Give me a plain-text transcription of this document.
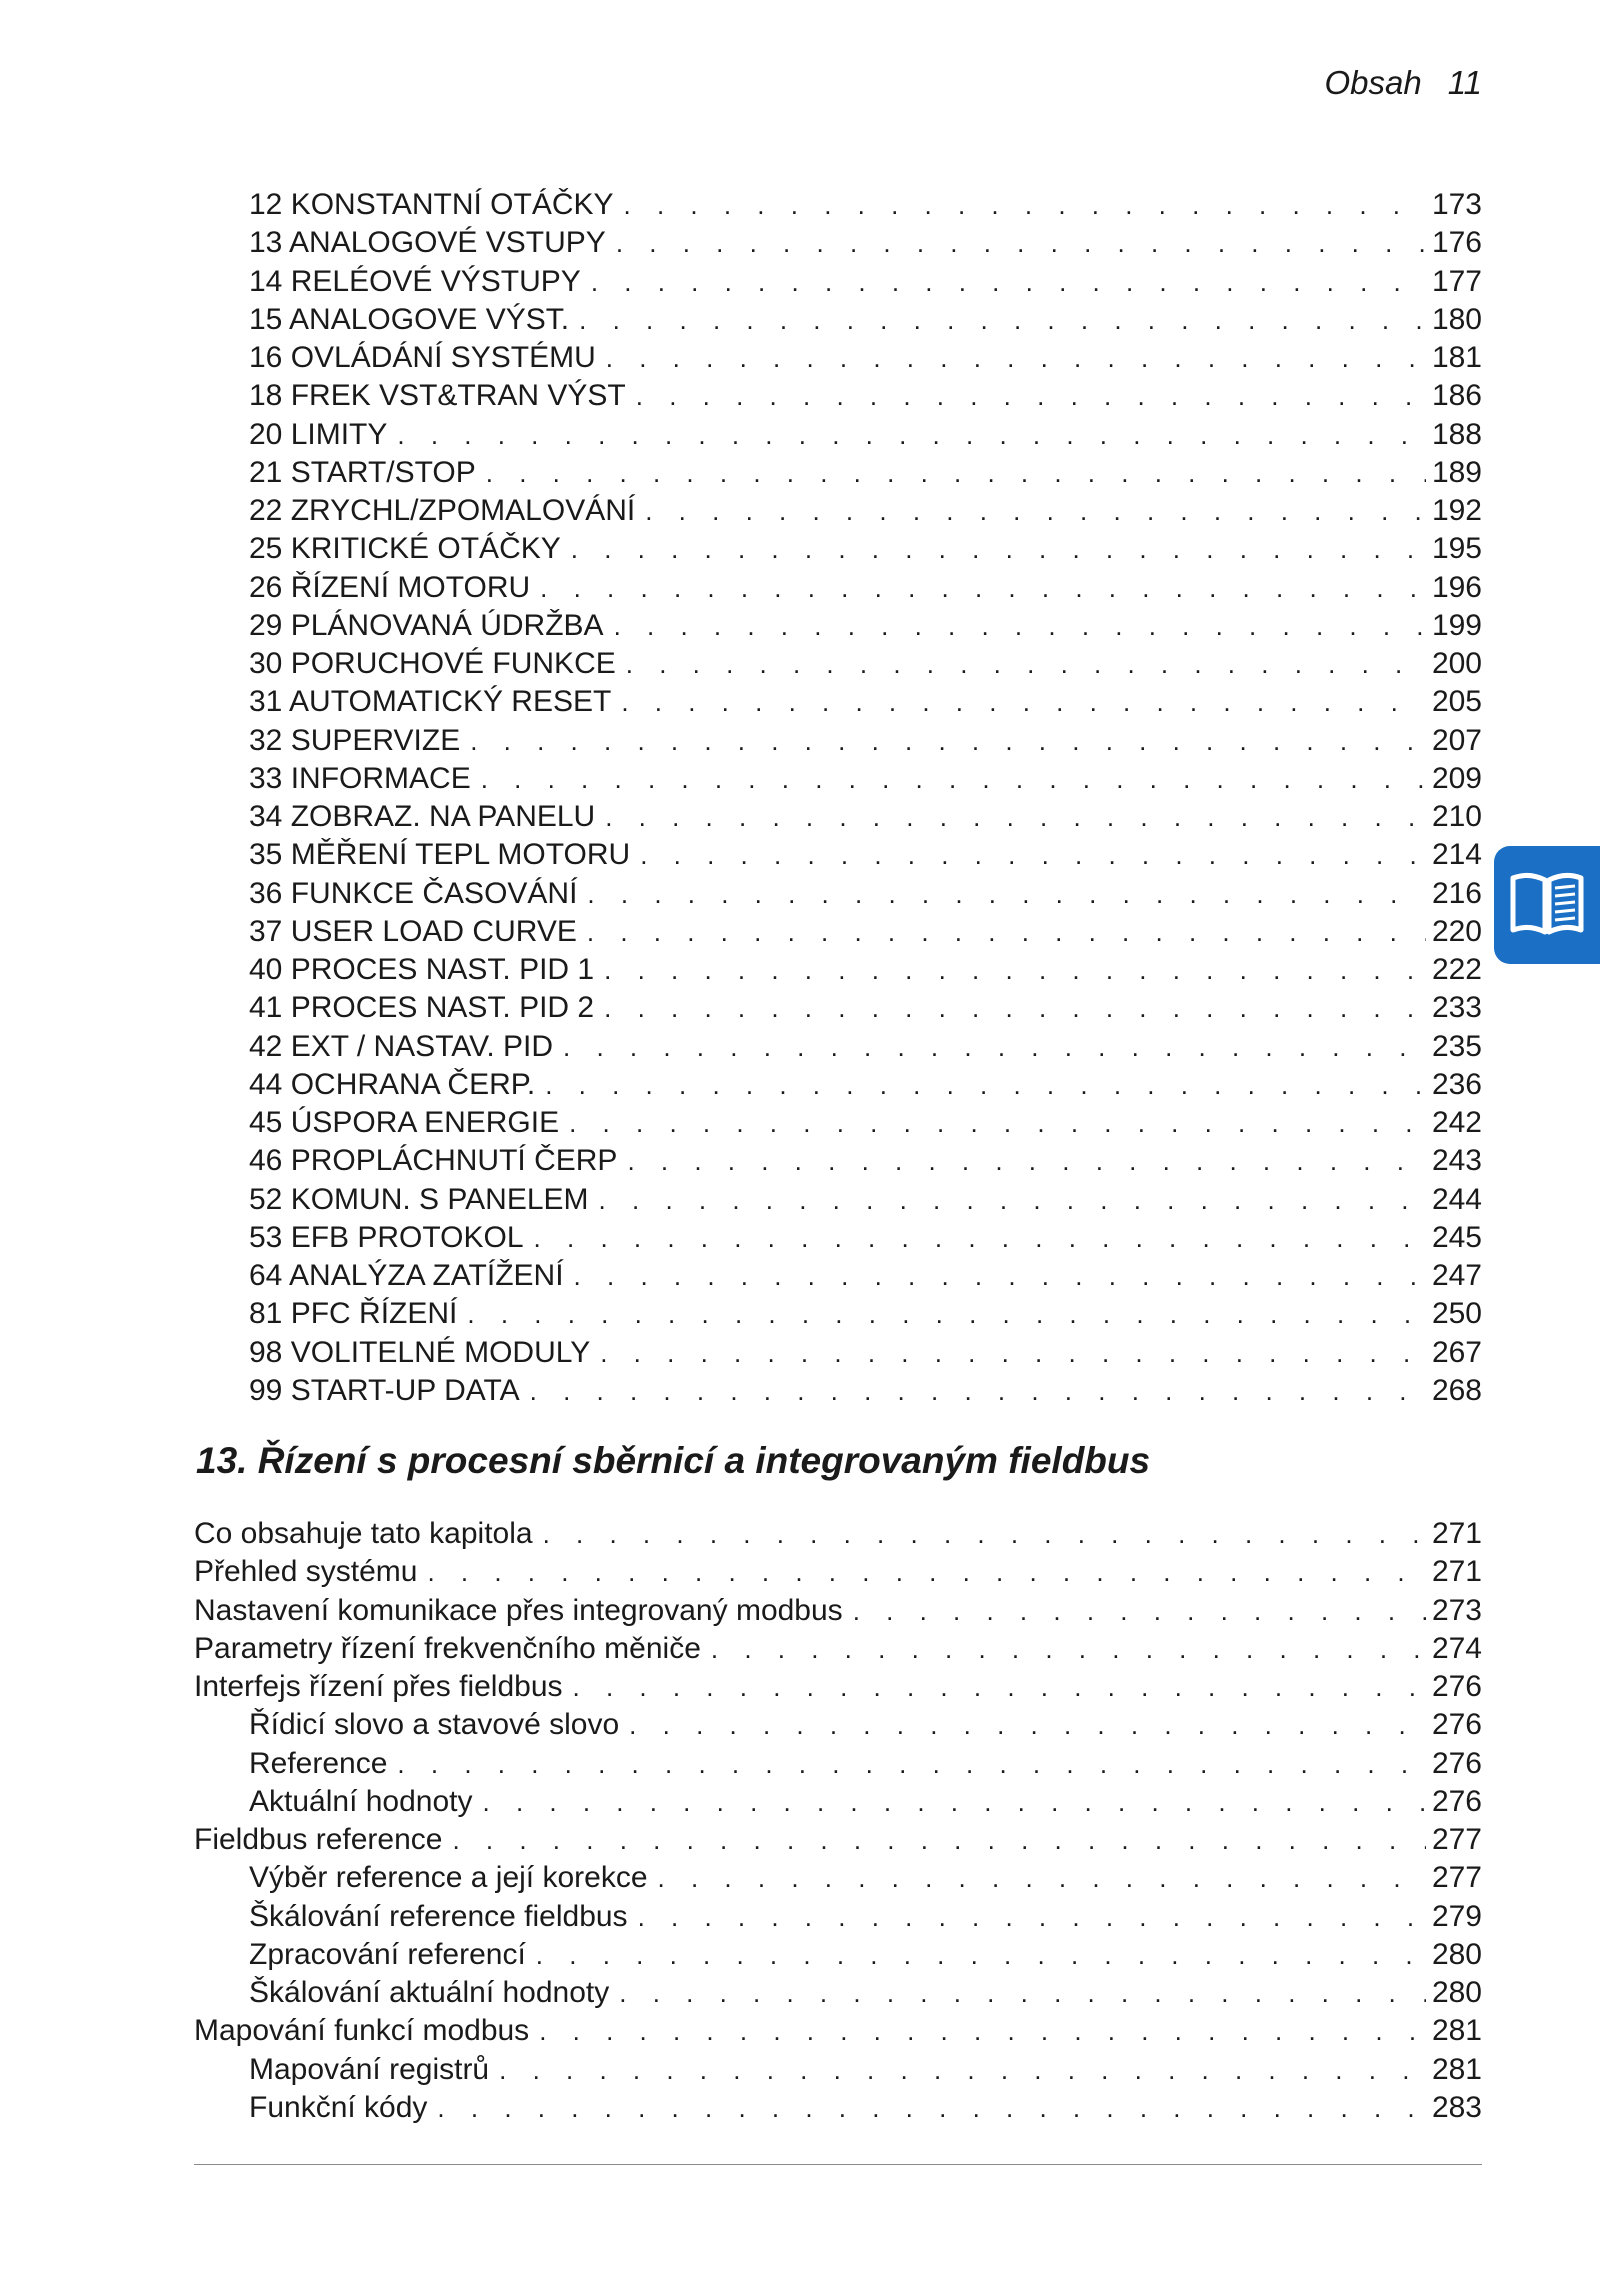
Obsah 11
12 KONSTANTNÍ OTÁČKY . . .	173
13 ANALOGOVÉ VSTUPY . . .	176
14 RELÉOVÉ VÝSTUPY . . .	177
15 ANALOGOVE VÝST. . . .	180
16 OVLÁDÁNÍ SYSTÉMU . . .	181
18 FREK VST&TRAN VÝST . . .	186
20 LIMITY . . .	188
21 START/STOP . . .	189
22 ZRYCHL/ZPOMALOVÁNÍ . . .	192
25 KRITICKÉ OTÁČKY . . .	195
26 ŘÍZENÍ MOTORU . . .	196
29 PLÁNOVANÁ ÚDRŽBA . . .	199
30 PORUCHOVÉ FUNKCE . . .	200
31 AUTOMATICKÝ RESET . . .	205
32 SUPERVIZE . . .	207
33 INFORMACE . . .	209
34 ZOBRAZ. NA PANELU . . .	210
35 MĚŘENÍ TEPL MOTORU . . .	214
36 FUNKCE ČASOVÁNÍ . . .	216
37 USER LOAD CURVE . . .	220
40 PROCES NAST. PID 1 . . .	222
41 PROCES NAST. PID 2 . . .	233
42 EXT / NASTAV. PID . . .	235
44 OCHRANA ČERP. . . .	236
45 ÚSPORA ENERGIE . . .	242
46 PROPLÁCHNUTÍ ČERP . . .	243
52 KOMUN. S PANELEM . . .	244
53 EFB PROTOKOL . . .	245
64 ANALÝZA ZATÍŽENÍ . . .	247
81 PFC ŘÍZENÍ . . .	250
98 VOLITELNÉ MODULY . . .	267
99 START-UP DATA . . .	268
13. Řízení s procesní sběrnicí a integrovaným fieldbus
Co obsahuje tato kapitola . . .	271
Přehled systému . . .	271
Nastavení komunikace přes integrovaný modbus . . .	273
Parametry řízení frekvenčního měniče . . .	274
Interfejs řízení přes fieldbus . . .	276
Řídicí slovo a stavové slovo . . .	276
Reference . . .	276
Aktuální hodnoty . . .	276
Fieldbus reference . . .	277
Výběr reference a její korekce . . .	277
Škálování reference fieldbus . . .	279
Zpracování referencí . . .	280
Škálování aktuální hodnoty . . .	280
Mapování funkcí modbus . . .	281
Mapování registrů . . .	281
Funkční kódy . . .	283
